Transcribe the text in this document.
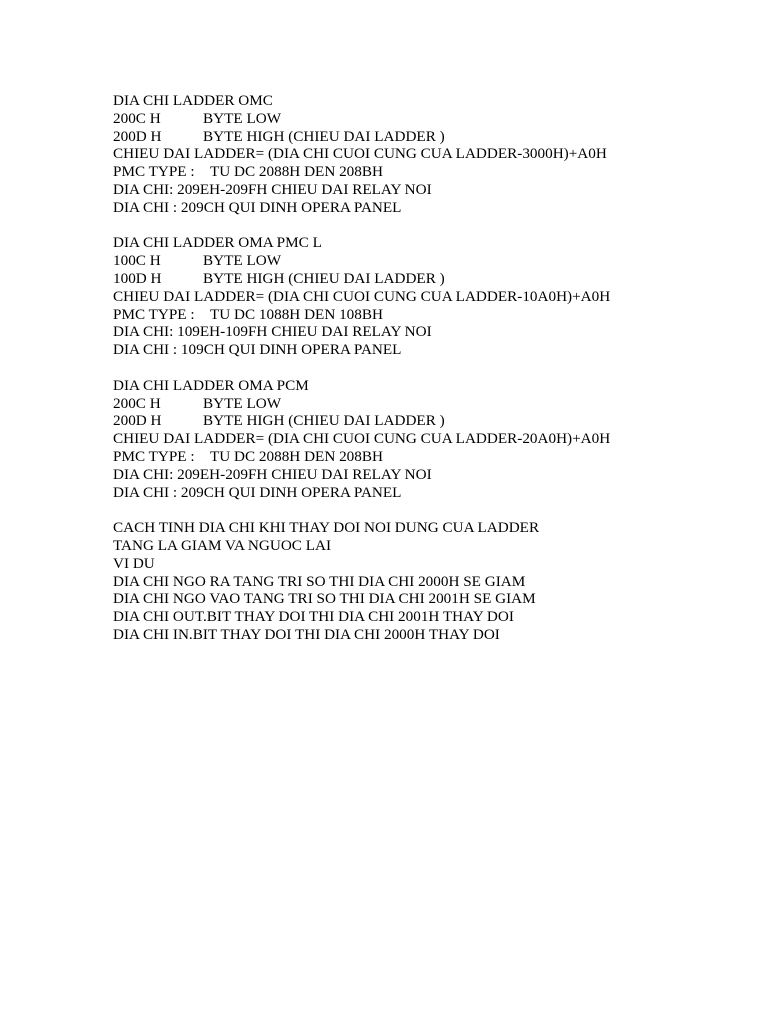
DIA CHI LADDER OMC
200C H	BYTE LOW
200D H	BYTE HIGH (CHIEU DAI LADDER )
CHIEU DAI LADDER= (DIA CHI CUOI CUNG CUA LADDER-3000H)+A0H
PMC TYPE : TU DC 2088H DEN 208BH
DIA CHI: 209EH-209FH CHIEU DAI RELAY NOI
DIA CHI : 209CH QUI DINH OPERA PANEL
DIA CHI LADDER OMA PMC L
100C H	BYTE LOW
100D H	BYTE HIGH (CHIEU DAI LADDER )
CHIEU DAI LADDER= (DIA CHI CUOI CUNG CUA LADDER-10A0H)+A0H
PMC TYPE : TU DC 1088H DEN 108BH
DIA CHI: 109EH-109FH CHIEU DAI RELAY NOI
DIA CHI : 109CH QUI DINH OPERA PANEL
DIA CHI LADDER OMA PCM
200C H	BYTE LOW
200D H	BYTE HIGH (CHIEU DAI LADDER )
CHIEU DAI LADDER= (DIA CHI CUOI CUNG CUA LADDER-20A0H)+A0H
PMC TYPE : TU DC 2088H DEN 208BH
DIA CHI: 209EH-209FH CHIEU DAI RELAY NOI
DIA CHI : 209CH QUI DINH OPERA PANEL
CACH TINH DIA CHI KHI THAY DOI NOI DUNG CUA LADDER
TANG LA GIAM VA NGUOC LAI
VI DU
DIA CHI NGO RA TANG TRI SO THI DIA CHI 2000H SE GIAM
DIA CHI NGO VAO TANG TRI SO THI DIA CHI 2001H SE GIAM
DIA CHI OUT.BIT THAY DOI THI DIA CHI 2001H THAY DOI
DIA CHI IN.BIT THAY DOI THI DIA CHI 2000H THAY DOI
